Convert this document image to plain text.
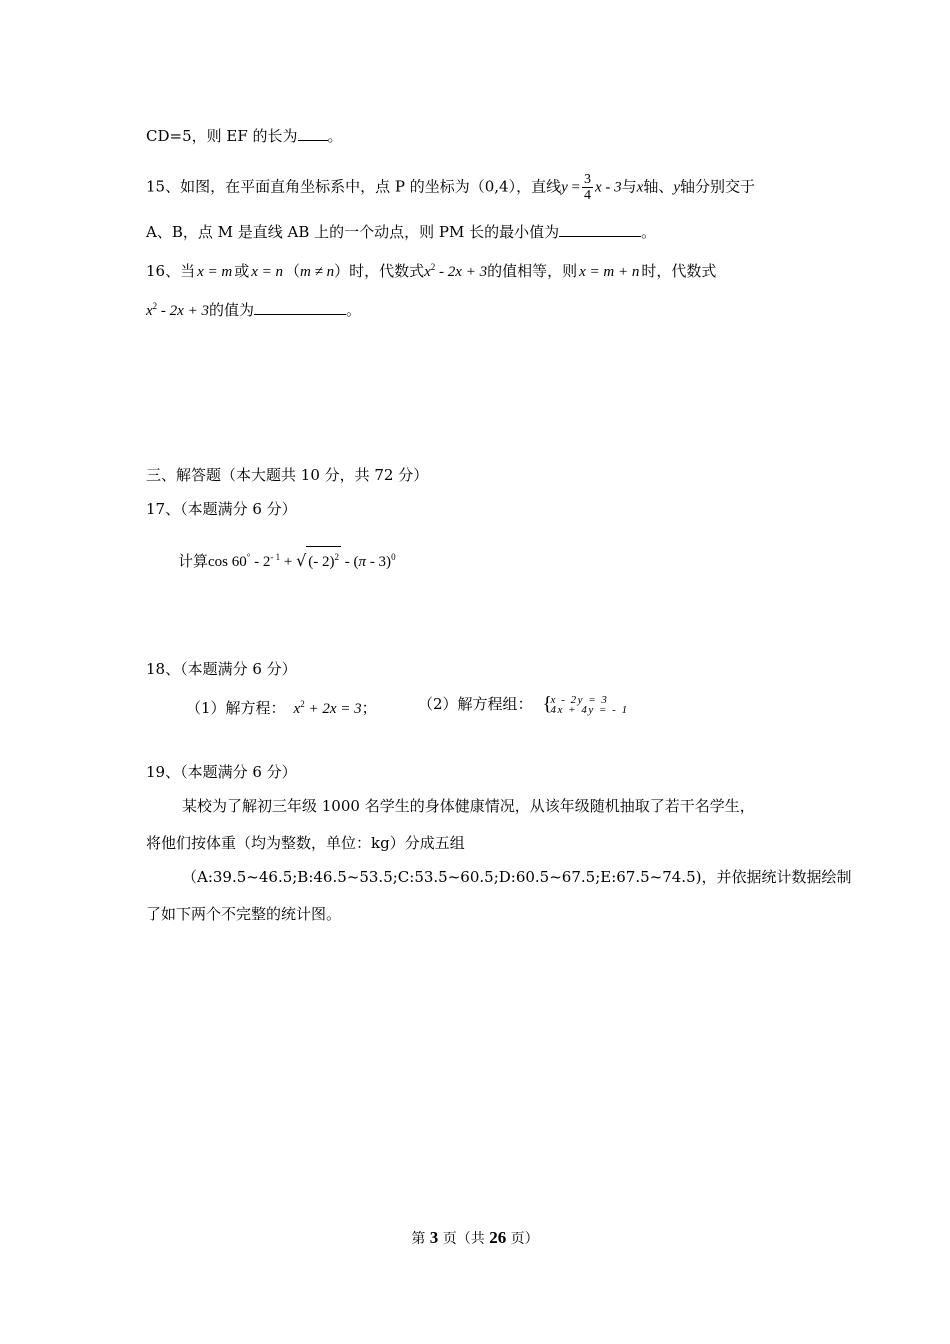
CD=5，则 EF 的长为 。
15、如图，在平面直角坐标系中，点 P 的坐标为（0,4），直线$y = \frac{3}{4}$ x - 3与x轴、y轴分别交于
A、B，点 M 是直线 AB 上的一个动点，则 PM 长的最小值为	。
16、当 x = m 或 x = n （m ≠ n）时，代数式$x^2 - 2x + 3$的值相等，则 x = m + n 时，代数式
$x^2 - 2x + 3$的值为	。
三、解答题（本大题共 10 分，共 72 分）
17、（本题满分 6 分）
计算$\cos 60^\circ - 2^{- 1}$ + √ (- 2)$^2$ - (π - 3)$^0$
18、（本题满分 6 分）
（1）解方程： $x^2 + 2x = 3$；	（2）解方程组： {
x - 2y = 3
4x + 4y = - 1
19、（本题满分 6 分）
某校为了解初三年级 1000 名学生的身体健康情况，从该年级随机抽取了若干名学生，
将他们按体重（均为整数，单位：kg）分成五组
（A:39.5~46.5;B:46.5~53.5;C:53.5~60.5;D:60.5~67.5;E:67.5~74.5)，并依据统计数据绘制
了如下两个不完整的统计图。
第 3 页（共 26 页）
